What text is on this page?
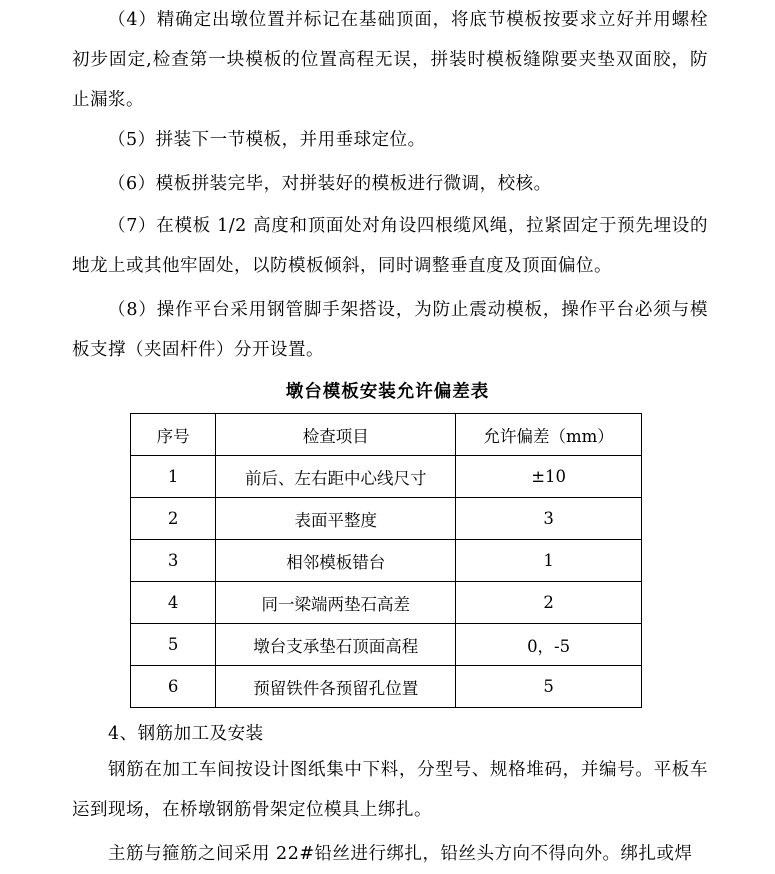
（4）精确定出墩位置并标记在基础顶面，将底节模板按要求立好并用螺栓初步固定,检查第一块模板的位置高程无误，拼装时模板缝隙要夹垫双面胶，防止漏浆。

（5）拼装下一节模板，并用垂球定位。

（6）模板拼装完毕，对拼装好的模板进行微调，校核。

（7）在模板 1/2 高度和顶面处对角设四根缆风绳，拉紧固定于预先埋设的地龙上或其他牢固处，以防模板倾斜，同时调整垂直度及顶面偏位。

（8）操作平台采用钢管脚手架搭设，为防止震动模板，操作平台必须与模板支撑（夹固杆件）分开设置。

墩台模板安装允许偏差表
序号	检查项目	允许偏差（mm）
1	前后、左右距中心线尺寸	±10
2	表面平整度	3
3	相邻模板错台	1
4	同一梁端两垫石高差	2
5	墩台支承垫石顶面高程	0，-5
6	预留铁件各预留孔位置	5

4、钢筋加工及安装

钢筋在加工车间按设计图纸集中下料，分型号、规格堆码，并编号。平板车运到现场，在桥墩钢筋骨架定位模具上绑扎。

主筋与箍筋之间采用 22#铅丝进行绑扎，铅丝头方向不得向外。绑扎或焊
